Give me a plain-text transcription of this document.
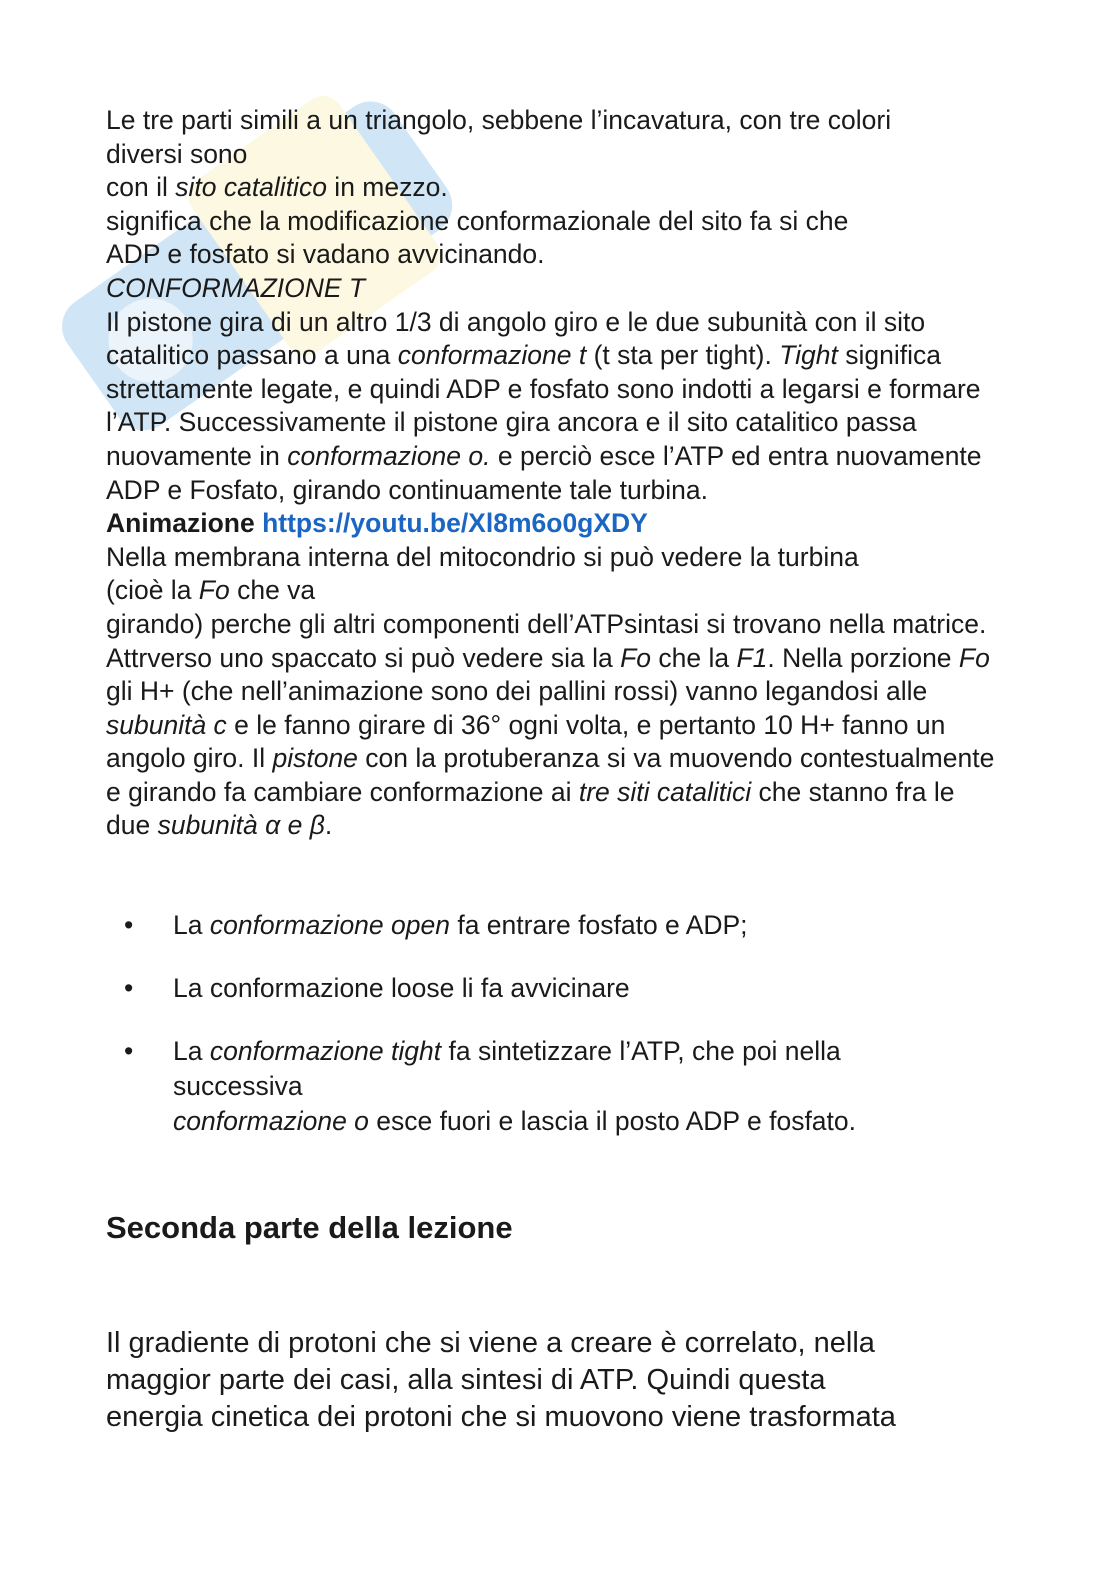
Le tre parti simili a un triangolo, sebbene l’incavatura, con tre colori
diversi sono
con il sito catalitico in mezzo.

significa che la modificazione conformazionale del sito fa si che
ADP e fosfato si vadano avvicinando.

CONFORMAZIONE T

Il pistone gira di un altro 1/3 di angolo giro e le due subunità con il sito catalitico passano a una conformazione t (t sta per tight). Tight significa strettamente legate, e quindi ADP e fosfato sono indotti a legarsi e formare l’ATP. Successivamente il pistone gira ancora e il sito catalitico passa nuovamente in conformazione o. e perciò esce l’ATP ed entra nuovamente ADP e Fosfato, girando continuamente tale turbina.

Animazione https://youtu.be/Xl8m6o0gXDY

Nella membrana interna del mitocondrio si può vedere la turbina
(cioè la Fo che va

girando) perche gli altri componenti dell’ATPsintasi si trovano nella matrice. Attrverso uno spaccato si può vedere sia la Fo che la F1. Nella porzione Fo gli H+ (che nell’animazione sono dei pallini rossi) vanno legandosi alle subunità c e le fanno girare di 36° ogni volta, e pertanto 10 H+ fanno un angolo giro. Il pistone con la protuberanza si va muovendo contestualmente e girando fa cambiare conformazione ai tre siti catalitici che stanno fra le due subunità α e β.

• La conformazione open fa entrare fosfato e ADP;
• La conformazione loose li fa avvicinare
• La conformazione tight fa sintetizzare l’ATP, che poi nella
successiva
conformazione o esce fuori e lascia il posto ADP e fosfato.
Seconda parte della lezione

Il gradiente di protoni che si viene a creare è correlato, nella
maggior parte dei casi, alla sintesi di ATP. Quindi questa
energia cinetica dei protoni che si muovono viene trasformata
